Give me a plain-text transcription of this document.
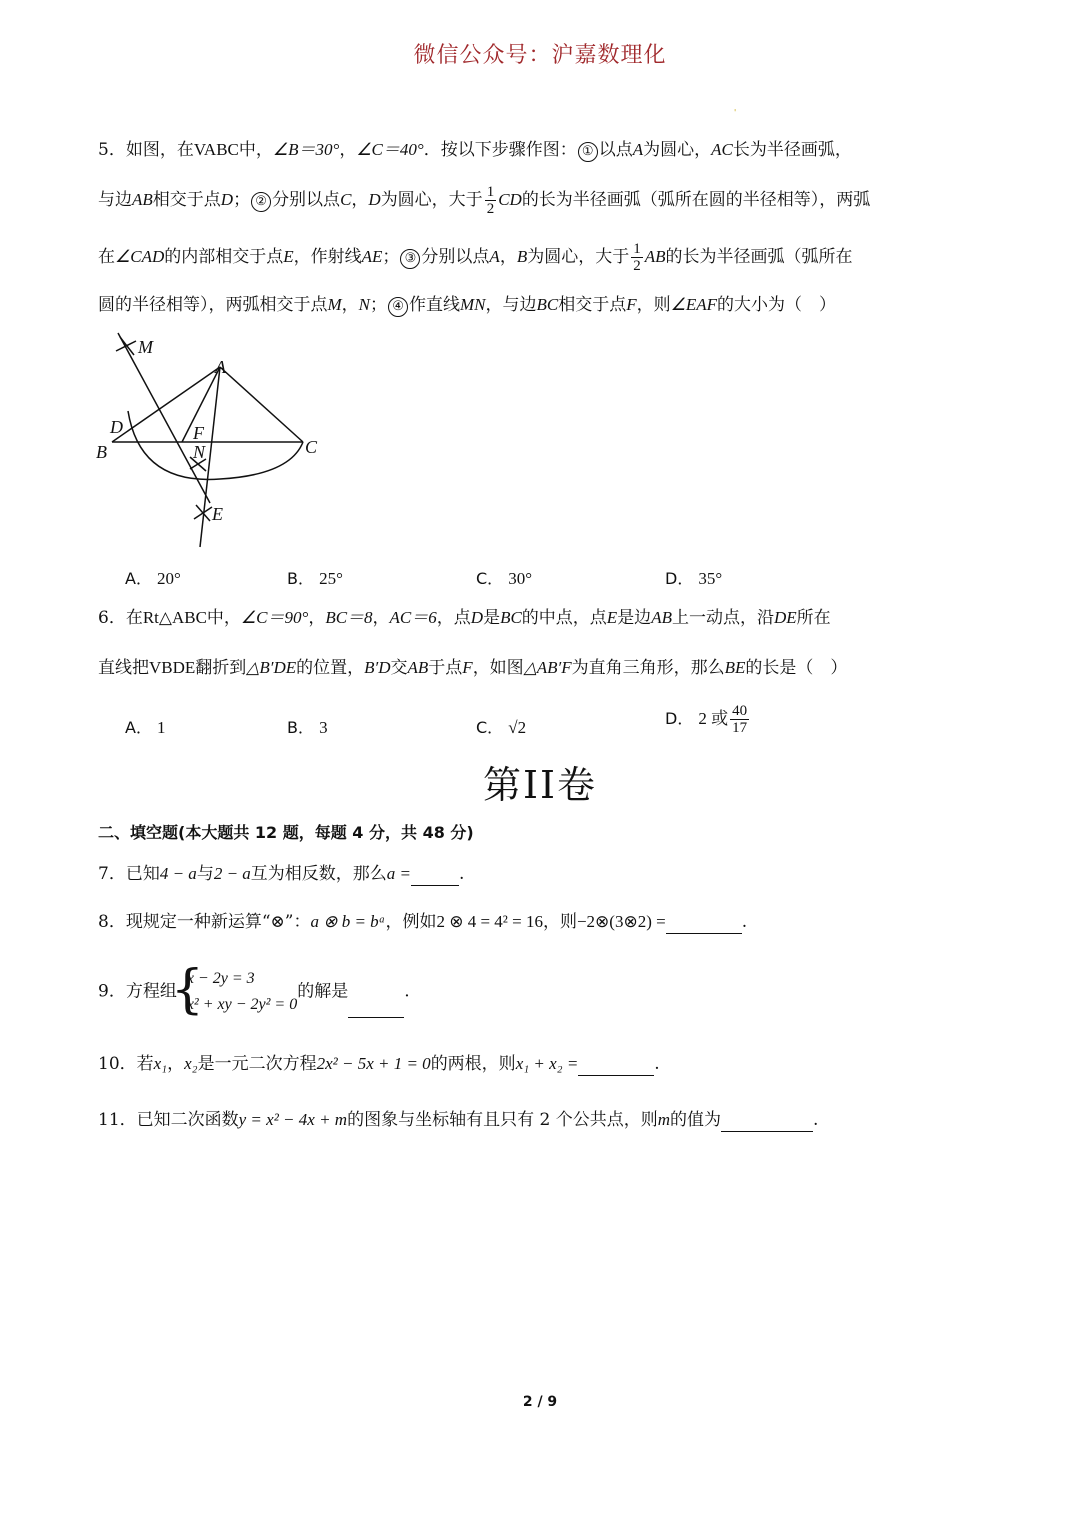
微信公众号：沪嘉数理化
'
5．如图，在VABC中，∠B＝30°，∠C＝40°．按以下步骤作图： ① 以点A为圆心，AC长为半径画弧，
与边AB相交于点D； ② 分别以点C，D为圆心，大于 $\frac{1}{2}$ CD的长为半径画弧（弧所在圆的半径相等），两弧
在∠CAD的内部相交于点E，作射线AE； ③ 分别以点A，B为圆心，大于 $\frac{1}{2}$ AB的长为半径画弧（弧所在
圆的半径相等），两弧相交于点M，N； ④ 作直线MN，与边BC相交于点F，则∠EAF的大小为（　）
M
A
D	F
B	N	C
E
A． 20°	B． 25°	C． 30°	D． 35°
6．在Rt△ABC中，∠C＝90°，BC＝8，AC＝6，点D是BC的中点，点E是边AB上一动点，沿DE所在
直线把VBDE翻折到△B′DE的位置，B′D交AB于点F，如图△AB′F为直角三角形，那么BE的长是（　）
A． 1	B． 3	C． √2	D． 2 或 $\frac{40}{17}$
第II卷
二、填空题(本大题共 12 题，每题 4 分，共 48 分)
7．已知4 − a与2 − a互为相反数，那么a =	.
8．现规定一种新运算“⊗”：a ⊗ b = bᵃ，例如2 ⊗ 4 = 4² = 16，则−2⊗(3⊗2) =	.
9．方程组
{ x − 2y = 3
x² + xy − 2y² = 0
的解是	.
10．若x₁，x₂是一元二次方程2x² − 5x + 1 = 0的两根，则x₁ + x₂ =	.
11．已知二次函数y = x² − 4x + m的图象与坐标轴有且只有 2 个公共点，则m的值为	.
2 / 9
